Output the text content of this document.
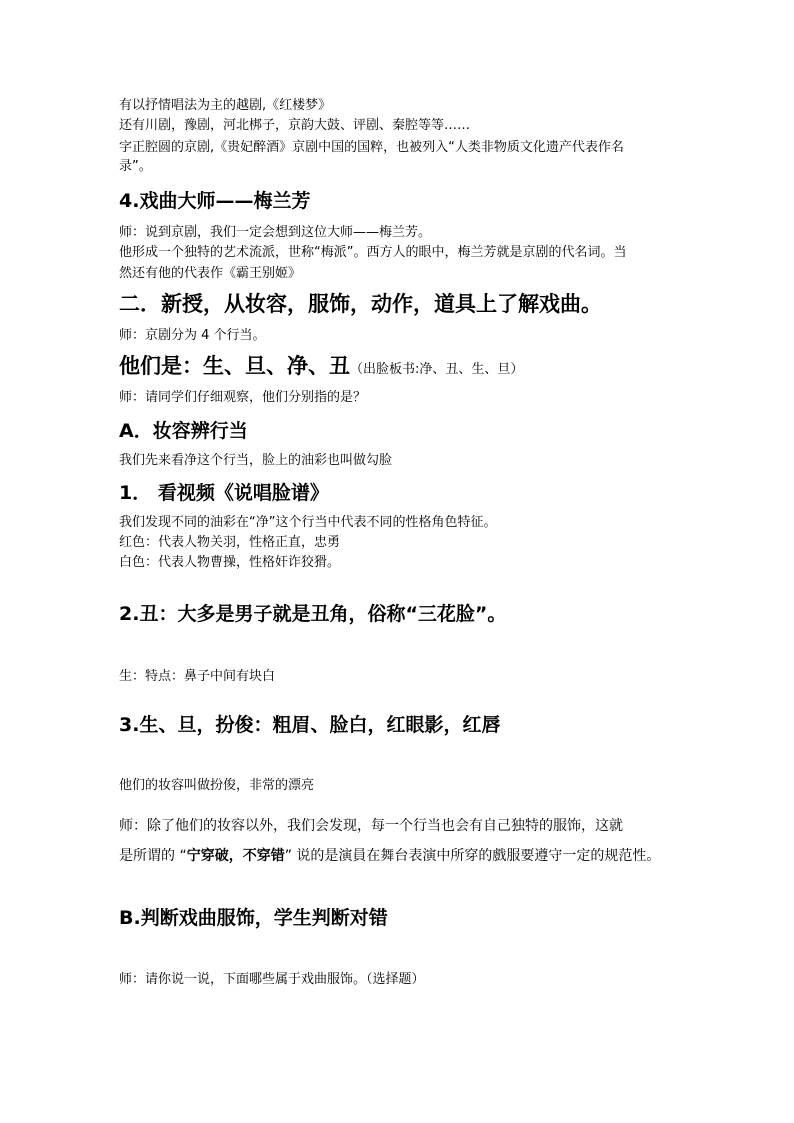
有以抒情唱法为主的越剧,《红楼梦》
还有川剧，豫剧，河北梆子，京韵大鼓、评剧、秦腔等等……
字正腔圆的京剧,《贵妃醉酒》京剧中国的国粹，也被列入“人类非物质文化遗产代表作名
录”。
4.戏曲大师——梅兰芳
师：说到京剧，我们一定会想到这位大师——梅兰芳。
他形成一个独特的艺术流派，世称“梅派”。西方人的眼中，梅兰芳就是京剧的代名词。当
然还有他的代表作《霸王别姬》
二．新授，从妆容，服饰，动作，道具上了解戏曲。
师：京剧分为 4 个行当。
他们是：生、旦、净、丑（出脸板书:净、丑、生、旦）
师：请同学们仔细观察，他们分别指的是？
A．妆容辨行当
我们先来看净这个行当，脸上的油彩也叫做勾脸
1． 看视频《说唱脸谱》
我们发现不同的油彩在“净”这个行当中代表不同的性格角色特征。
红色：代表人物关羽，性格正直，忠勇
白色：代表人物曹操，性格奸诈狡猾。
2.丑：大多是男子就是丑角，俗称“三花脸”。
生：特点：鼻子中间有块白
3.生、旦，扮俊：粗眉、脸白，红眼影，红唇
他们的妆容叫做扮俊，非常的漂亮
师：除了他们的妆容以外，我们会发现，每一个行当也会有自己独特的服饰，这就
是所谓的 “宁穿破，不穿错” 说的是演員在舞台表演中所穿的戲服要遵守一定的规范性。
B.判断戏曲服饰，学生判断对错
师：请你说一说，下面哪些属于戏曲服饰。（选择题）
